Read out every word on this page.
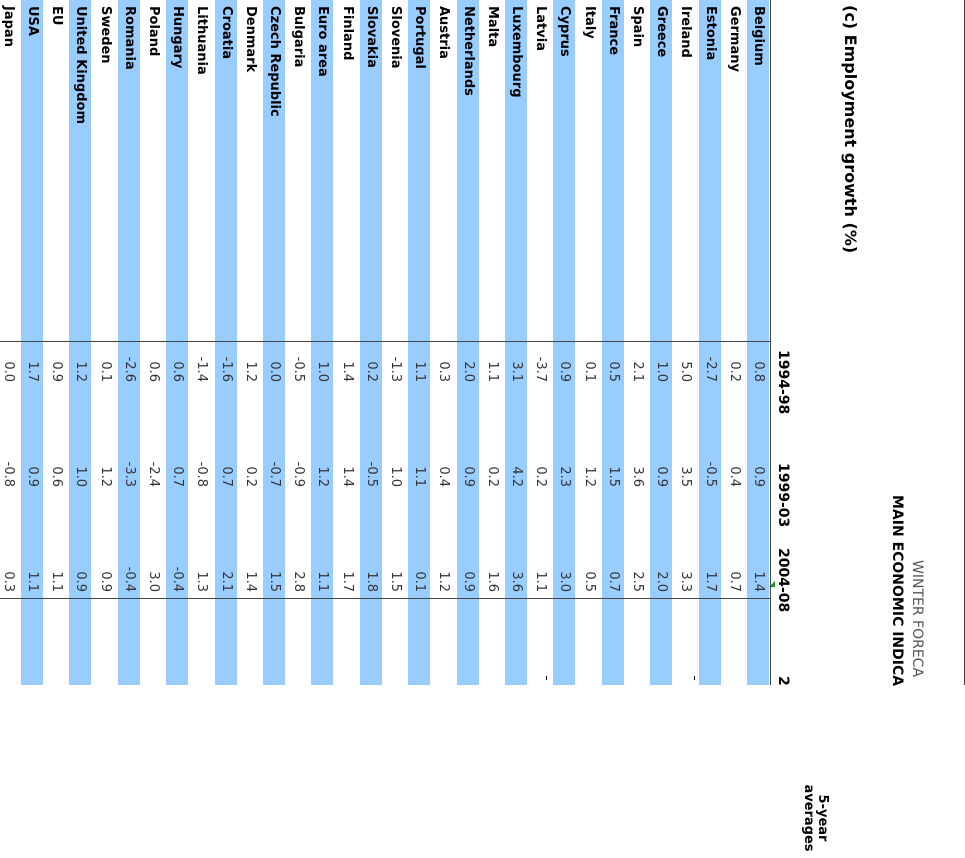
WINTER FORECA
MAIN ECONOMIC INDICA
(c) Employment growth (%)
5-year averages
1994-98
1999-03
2004-08
2
Belgium
0.8
0.9
1.4
Germany
0.2
0.4
0.7
Estonia
-2.7
-0.5
1.7
Ireland
5.0
3.5
3.3
Greece
1.0
0.9
2.0
Spain
2.1
3.6
2.5
France
0.5
1.5
0.7
Italy
0.1
1.2
0.5
Cyprus
0.9
2.3
3.0
Latvia
-3.7
0.2
1.1
Luxembourg
3.1
4.2
3.6
Malta
1.1
0.2
1.6
Netherlands
2.0
0.9
0.9
Austria
0.3
0.4
1.2
Portugal
1.1
1.1
0.1
Slovenia
-1.3
1.0
1.5
Slovakia
0.2
-0.5
1.8
Finland
1.4
1.4
1.7
Euro area
1.0
1.2
1.1
Bulgaria
-0.5
-0.9
2.8
Czech Republic
0.0
-0.7
1.5
Denmark
1.2
0.2
1.4
Croatia
-1.6
0.7
2.1
Lithuania
-1.4
-0.8
1.3
Hungary
0.6
0.7
-0.4
Poland
0.6
-2.4
3.0
Romania
-2.6
-3.3
-0.4
Sweden
0.1
1.2
0.9
United Kingdom
1.2
1.0
0.9
EU
0.9
0.6
1.1
USA
1.7
0.9
1.1
Japan
0.0
-0.8
0.3
